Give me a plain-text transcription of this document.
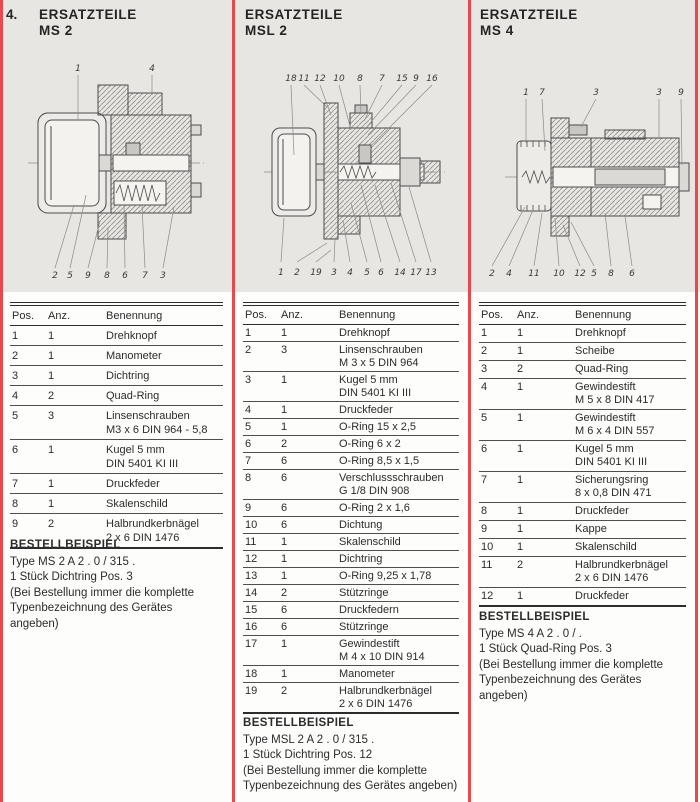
4.	ERSATZTEILE
MS 2
1	4
2 5 9 8 6 7 3
Pos.	Anz.	Benennung
1	1	Drehknopf

2	1	Manometer

3	1	Dichtring

4	2	Quad-Ring

5	3	Linsenschrauben
M3 x 6 DIN 964 - 5,8

6	1	Kugel 5 mm
DIN 5401 KI III

7	1	Druckfeder

8	1	Skalenschild

9	2	Halbrundkerbnägel
2 x 6 DIN 1476
BESTELLBEISPIEL
Type MS 2 A 2 . 0 / 315 .
1 Stück Dichtring Pos. 3
(Bei Bestellung immer die komplette
Typenbezeichnung des Gerätes angeben)
ERSATZTEILE
MSL 2
18 11 12 10 8 7 15 9 16
1 2 19 3 4 5 6 14 17 13
Pos.	Anz.	Benennung
1	1	Drehknopf

2	3	Linsenschrauben
M 3 x 5 DIN 964

3	1	Kugel 5 mm
DIN 5401 KI III

4	1	Druckfeder

5	1	O-Ring 15 x 2,5

6	2	O-Ring 6 x 2

7	6	O-Ring 8,5 x 1,5

8	6	Verschlussschrauben
G 1/8 DIN 908

9	6	O-Ring 2 x 1,6

10	6	Dichtung

11	1	Skalenschild

12	1	Dichtring

13	1	O-Ring 9,25 x 1,78

14	2	Stützringe

15	6	Druckfedern

16	6	Stützringe

17	1	Gewindestift
M 4 x 10 DIN 914

18	1	Manometer

19	2	Halbrundkerbnägel
2 x 6 DIN 1476
BESTELLBEISPIEL
Type MSL 2 A 2 . 0 / 315 .
1 Stück Dichtring Pos. 12
(Bei Bestellung immer die komplette
Typenbezeichnung des Gerätes angeben)
ERSATZTEILE
MS 4
1 7	3	3 9
2 4 11 10 12 5 8 6
Pos.	Anz.	Benennung
1	1	Drehknopf

2	1	Scheibe

3	2	Quad-Ring

4	1	Gewindestift
M 5 x 8 DIN 417

5	1	Gewindestift
M 6 x 4 DIN 557

6	1	Kugel 5 mm
DIN 5401 KI III

7	1	Sicherungsring
8 x 0,8 DIN 471

8	1	Druckfeder

9	1	Kappe

10	1	Skalenschild

11	2	Halbrundkerbnägel
2 x 6 DIN 1476

12	1	Druckfeder
BESTELLBEISPIEL
Type MS 4 A 2 . 0 / .
1 Stück Quad-Ring Pos. 3
(Bei Bestellung immer die komplette
Typenbezeichnung des Gerätes angeben)
